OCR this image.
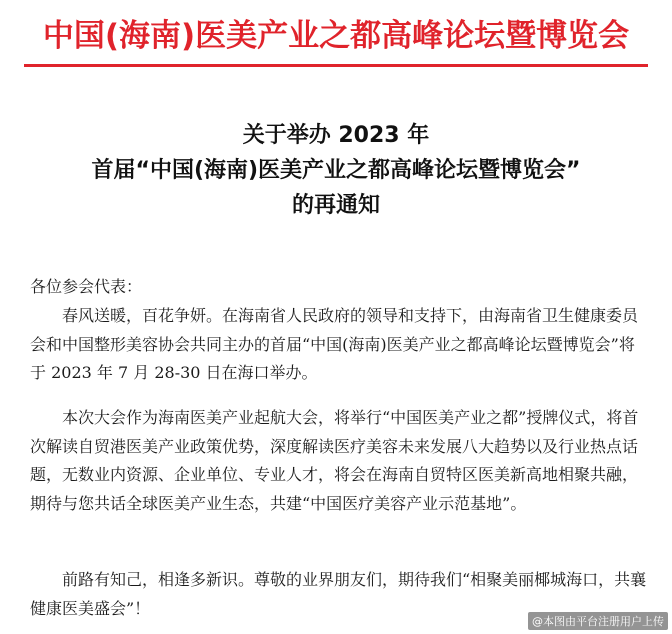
中国(海南)医美产业之都高峰论坛暨博览会
关于举办 2023 年
首届“中国(海南)医美产业之都高峰论坛暨博览会”
的再通知
各位参会代表：
春风送暖，百花争妍。在海南省人民政府的领导和支持下，由海南省卫生健康委员会和中国整形美容协会共同主办的首届“中国(海南)医美产业之都高峰论坛暨博览会”将于 2023 年 7 月 28-30 日在海口举办。
本次大会作为海南医美产业起航大会，将举行“中国医美产业之都”授牌仪式，将首次解读自贸港医美产业政策优势，深度解读医疗美容未来发展八大趋势以及行业热点话题，无数业内资源、企业单位、专业人才，将会在海南自贸特区医美新高地相聚共融，期待与您共话全球医美产业生态，共建“中国医疗美容产业示范基地”。
前路有知己，相逢多新识。尊敬的业界朋友们，期待我们“相聚美丽椰城海口，共襄健康医美盛会”！
@本图由平台注册用户上传
